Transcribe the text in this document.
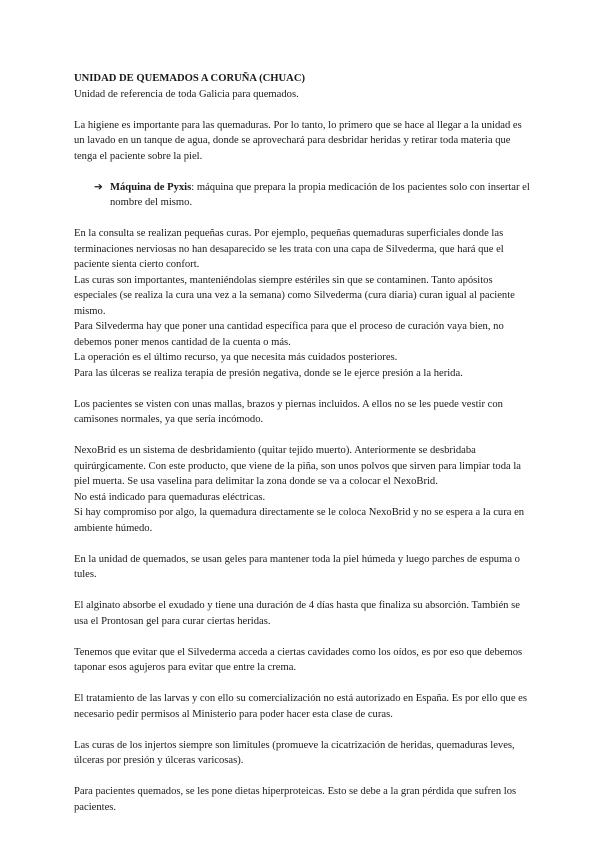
UNIDAD DE QUEMADOS A CORUÑA (CHUAC)

Unidad de referencia de toda Galicia para quemados.

La higiene es importante para las quemaduras. Por lo tanto, lo primero que se hace al llegar a la unidad es un lavado en un tanque de agua, donde se aprovechará para desbridar heridas y retirar toda materia que tenga el paciente sobre la piel.

➔ Máquina de Pyxis: máquina que prepara la propia medicación de los pacientes solo con insertar el nombre del mismo.

En la consulta se realizan pequeñas curas. Por ejemplo, pequeñas quemaduras superficiales donde las terminaciones nerviosas no han desaparecido se les trata con una capa de Silvederma, que hará que el paciente sienta cierto confort.

Las curas son importantes, manteniéndolas siempre estériles sin que se contaminen. Tanto apósitos especiales (se realiza la cura una vez a la semana) como Silvederma (cura diaria) curan igual al paciente mismo.

Para Silvederma hay que poner una cantidad específica para que el proceso de curación vaya bien, no debemos poner menos cantidad de la cuenta o más.

La operación es el último recurso, ya que necesita más cuidados posteriores.

Para las úlceras se realiza terapia de presión negativa, donde se le ejerce presión a la herida.

Los pacientes se visten con unas mallas, brazos y piernas incluidos. A ellos no se les puede vestir con camisones normales, ya que sería incómodo.

NexoBrid es un sistema de desbridamiento (quitar tejido muerto). Anteriormente se desbridaba quirúrgicamente. Con este producto, que viene de la piña, son unos polvos que sirven para limpiar toda la piel muerta. Se usa vaselina para delimitar la zona donde se va a colocar el NexoBrid.

No está indicado para quemaduras eléctricas.

Si hay compromiso por algo, la quemadura directamente se le coloca NexoBrid y no se espera a la cura en ambiente húmedo.

En la unidad de quemados, se usan geles para mantener toda la piel húmeda y luego parches de espuma o tules.

El alginato absorbe el exudado y tiene una duración de 4 días hasta que finaliza su absorción. También se usa el Prontosan gel para curar ciertas heridas.

Tenemos que evitar que el Silvederma acceda a ciertas cavidades como los oídos, es por eso que debemos taponar esos agujeros para evitar que entre la crema.

El tratamiento de las larvas y con ello su comercialización no está autorizado en España. Es por ello que es necesario pedir permisos al Ministerio para poder hacer esta clase de curas.

Las curas de los injertos siempre son limitules (promueve la cicatrización de heridas, quemaduras leves, úlceras por presión y úlceras varicosas).

Para pacientes quemados, se les pone dietas hiperproteicas. Esto se debe a la gran pérdida que sufren los pacientes.
